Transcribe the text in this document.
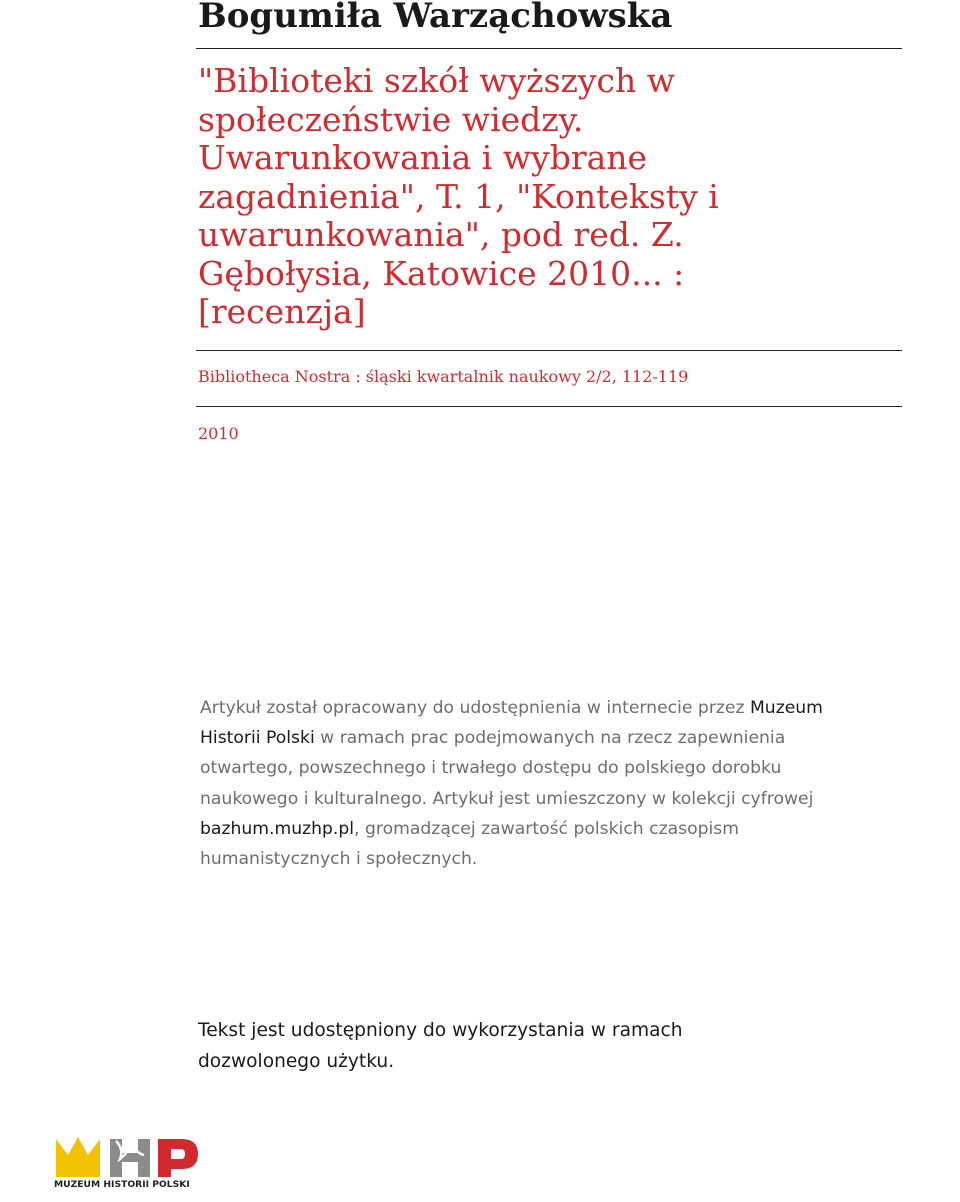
Bogumiła Warząchowska
"Biblioteki szkół wyższych w społeczeństwie wiedzy. Uwarunkowania i wybrane zagadnienia", T. 1, "Konteksty i uwarunkowania", pod red. Z. Gębołysia, Katowice 2010... : [recenzja]

Bibliotheca Nostra : śląski kwartalnik naukowy 2/2, 112-119

2010

Artykuł został opracowany do udostępnienia w internecie przez Muzeum Historii Polski w ramach prac podejmowanych na rzecz zapewnienia otwartego, powszechnego i trwałego dostępu do polskiego dorobku naukowego i kulturalnego. Artykuł jest umieszczony w kolekcji cyfrowej bazhum.muzhp.pl, gromadzącej zawartość polskich czasopism humanistycznych i społecznych.

Tekst jest udostępniony do wykorzystania w ramach dozwolonego użytku.

MUZEUM HISTORII POLSKI
